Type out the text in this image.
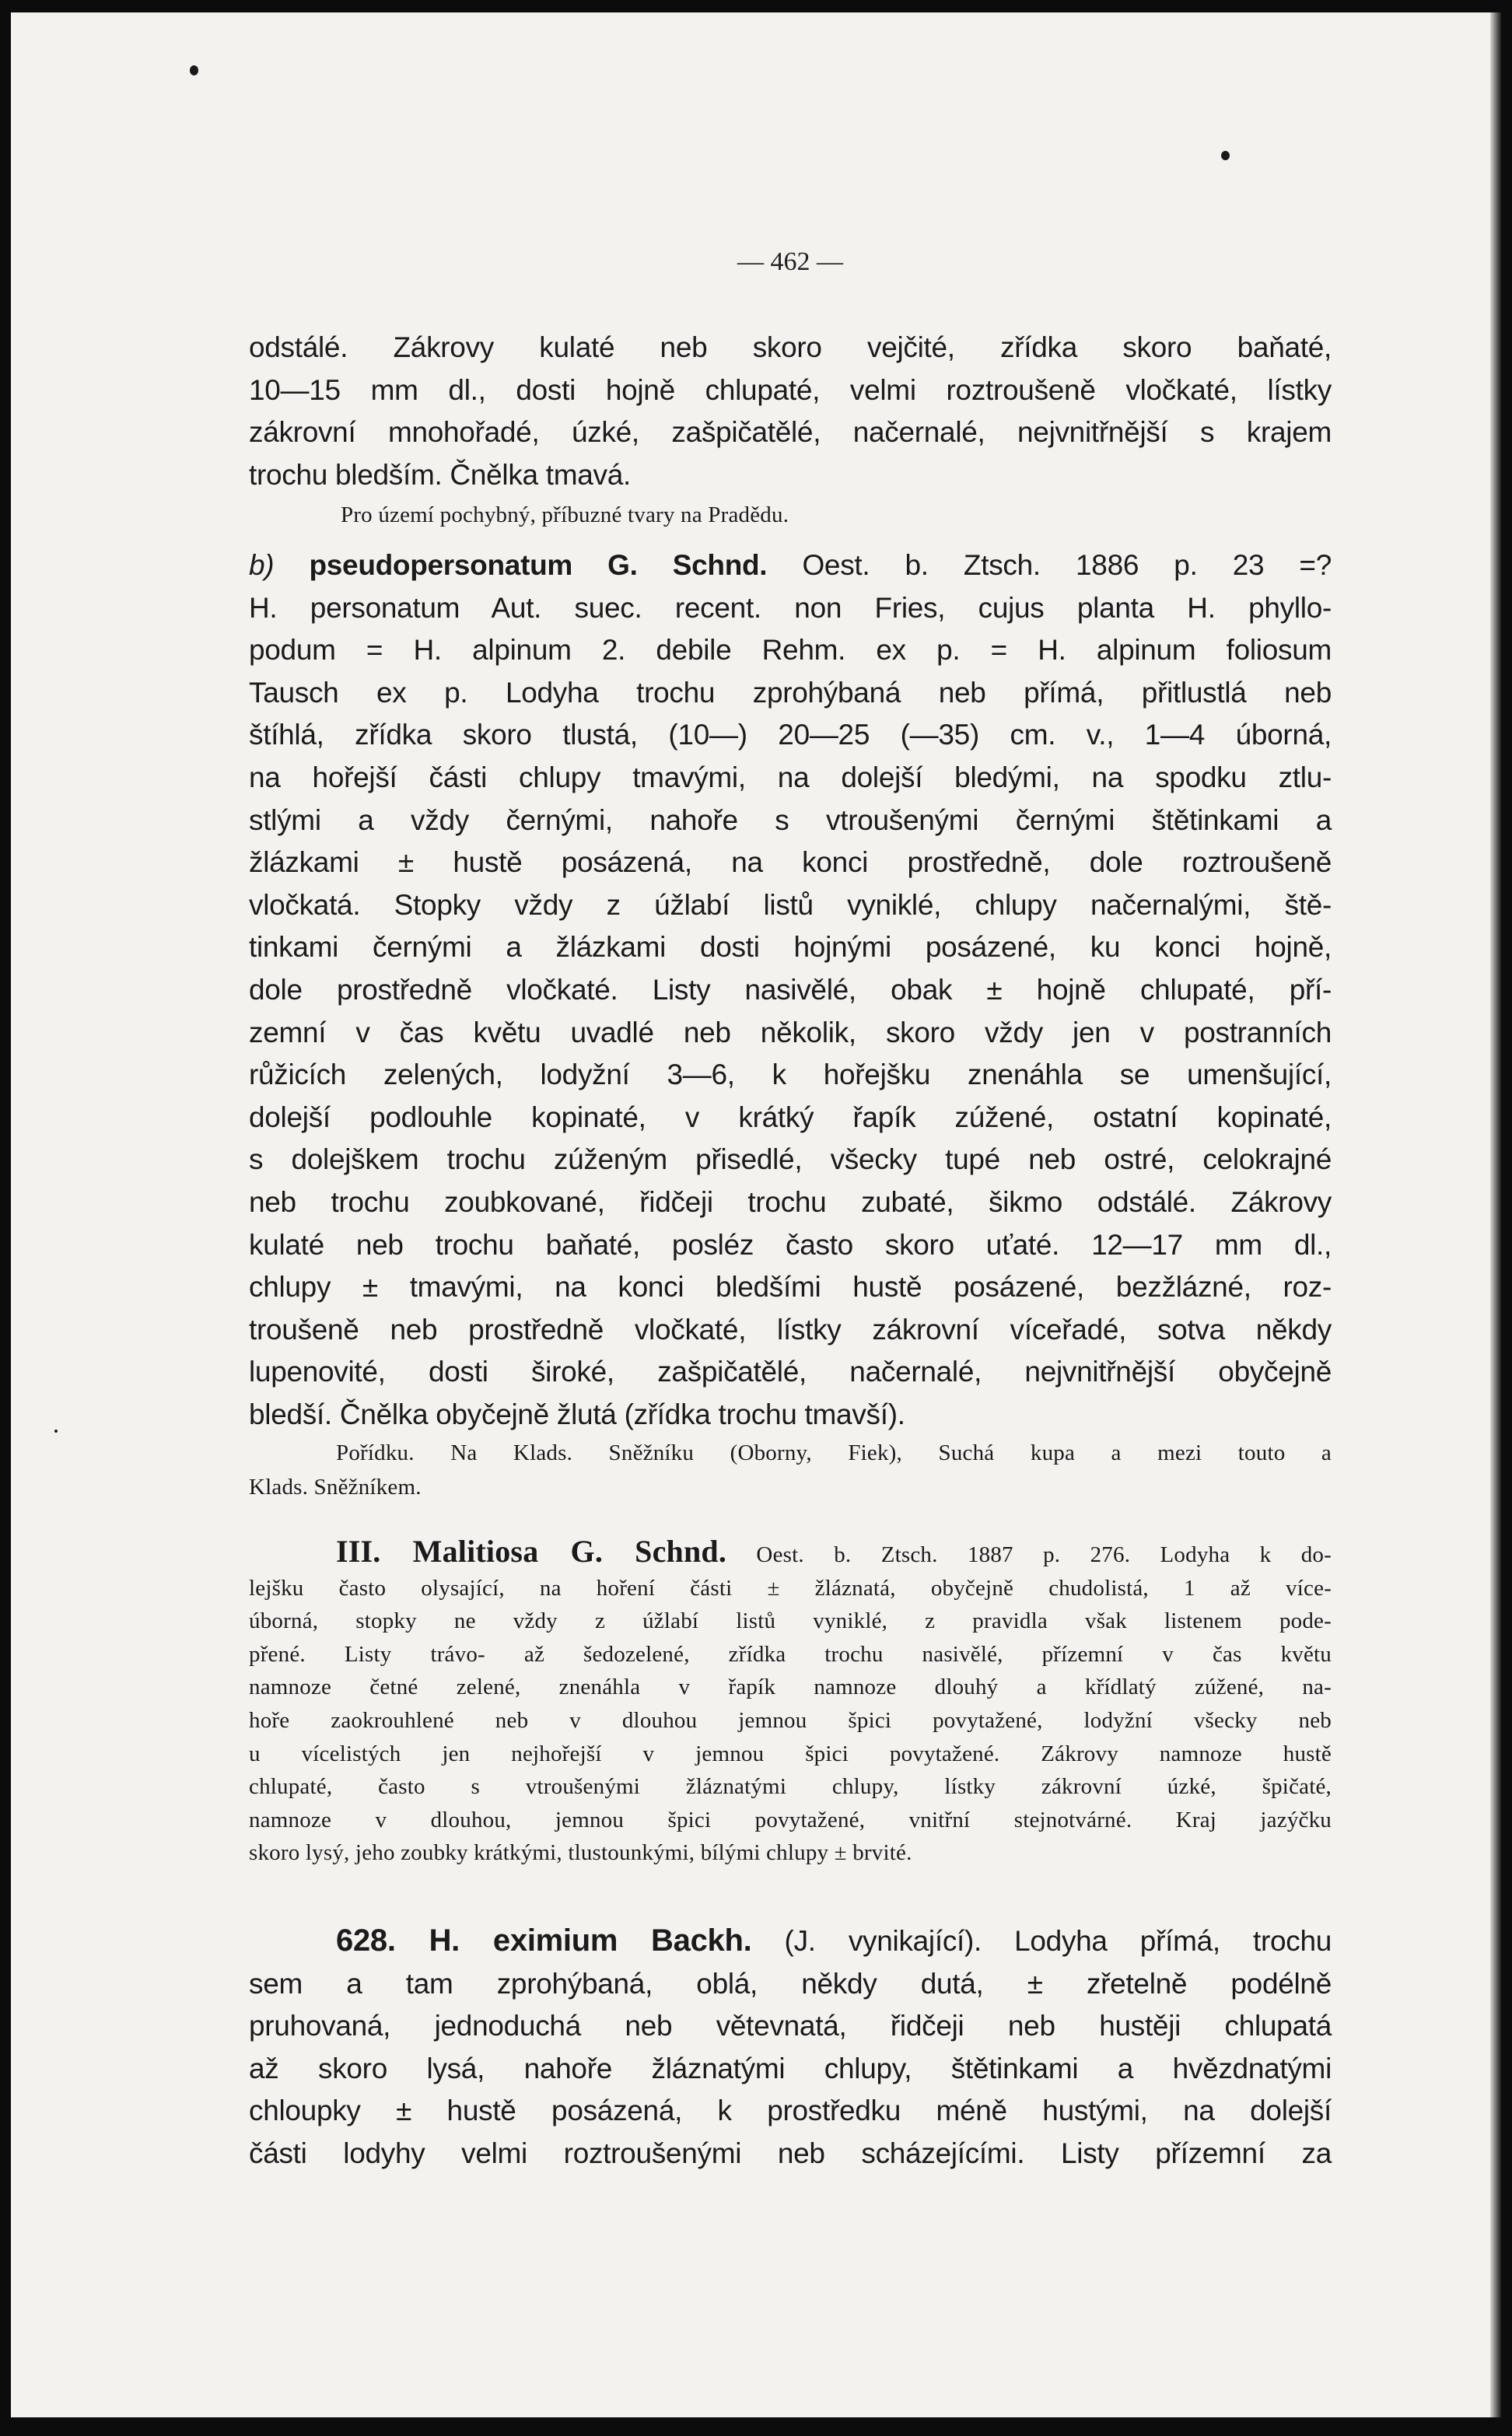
— 462 —

odstálé. Zákrovy kulaté neb skoro vejčité, zřídka skoro baňaté,
10—15 mm dl., dosti hojně chlupaté, velmi roztroušeně vločkaté, lístky
zákrovní mnohořadé, úzké, zašpičatělé, načernalé, nejvnitřnější s krajem
trochu bledším. Čnělka tmavá.

Pro území pochybný, příbuzné tvary na Pradědu.

b) pseudopersonatum G. Schnd. Oest. b. Ztsch. 1886 p. 23 =?
H. personatum Aut. suec. recent. non Fries, cujus planta H. phyllo-
podum = H. alpinum 2. debile Rehm. ex p. = H. alpinum foliosum
Tausch ex p. Lodyha trochu zprohýbaná neb přímá, přitlustlá neb
štíhlá, zřídka skoro tlustá, (10—) 20—25 (—35) cm. v., 1—4 úborná,
na hořejší části chlupy tmavými, na dolejší bledými, na spodku ztlu-
stlými a vždy černými, nahoře s vtroušenými černými štětinkami a
žlázkami ± hustě posázená, na konci prostředně, dole roztroušeně
vločkatá. Stopky vždy z úžlabí listů vyniklé, chlupy načernalými, ště-
tinkami černými a žlázkami dosti hojnými posázené, ku konci hojně,
dole prostředně vločkaté. Listy nasivělé, obak ± hojně chlupaté, pří-
zemní v čas květu uvadlé neb několik, skoro vždy jen v postranních
růžicích zelených, lodyžní 3—6, k hořejšku znenáhla se umenšující,
dolejší podlouhle kopinaté, v krátký řapík zúžené, ostatní kopinaté,
s dolejškem trochu zúženým přisedlé, všecky tupé neb ostré, celokrajné
neb trochu zoubkované, řidčeji trochu zubaté, šikmo odstálé. Zákrovy
kulaté neb trochu baňaté, posléz často skoro uťaté. 12—17 mm dl.,
chlupy ± tmavými, na konci bledšími hustě posázené, bezžlázné, roz-
troušeně neb prostředně vločkaté, lístky zákrovní víceřadé, sotva někdy
lupenovité, dosti široké, zašpičatělé, načernalé, nejvnitřnější obyčejně
bledší. Čnělka obyčejně žlutá (zřídka trochu tmavší).

Pořídku. Na Klads. Sněžníku (Oborny, Fiek), Suchá kupa a mezi touto a
Klads. Sněžníkem.

III. Malitiosa G. Schnd. Oest. b. Ztsch. 1887 p. 276. Lodyha k do-
lejšku často olysající, na hoření části ± žláznatá, obyčejně chudolistá, 1 až více-
úborná, stopky ne vždy z úžlabí listů vyniklé, z pravidla však listenem pode-
přené. Listy trávo- až šedozelené, zřídka trochu nasivělé, přízemní v čas květu
namnoze četné zelené, znenáhla v řapík namnoze dlouhý a křídlatý zúžené, na-
hoře zaokrouhlené neb v dlouhou jemnou špici povytažené, lodyžní všecky neb
u vícelistých jen nejhořejší v jemnou špici povytažené. Zákrovy namnoze hustě
chlupaté, často s vtroušenými žláznatými chlupy, lístky zákrovní úzké, špičaté,
namnoze v dlouhou, jemnou špici povytažené, vnitřní stejnotvárné. Kraj jazýčku
skoro lysý, jeho zoubky krátkými, tlustounkými, bílými chlupy ± brvité.

628. H. eximium Backh. (J. vynikající). Lodyha přímá, trochu
sem a tam zprohýbaná, oblá, někdy dutá, ± zřetelně podélně
pruhovaná, jednoduchá neb větevnatá, řidčeji neb hustěji chlupatá
až skoro lysá, nahoře žláznatými chlupy, štětinkami a hvězdnatými
chloupky ± hustě posázená, k prostředku méně hustými, na dolejší
části lodyhy velmi roztroušenými neb scházejícími. Listy přízemní za
